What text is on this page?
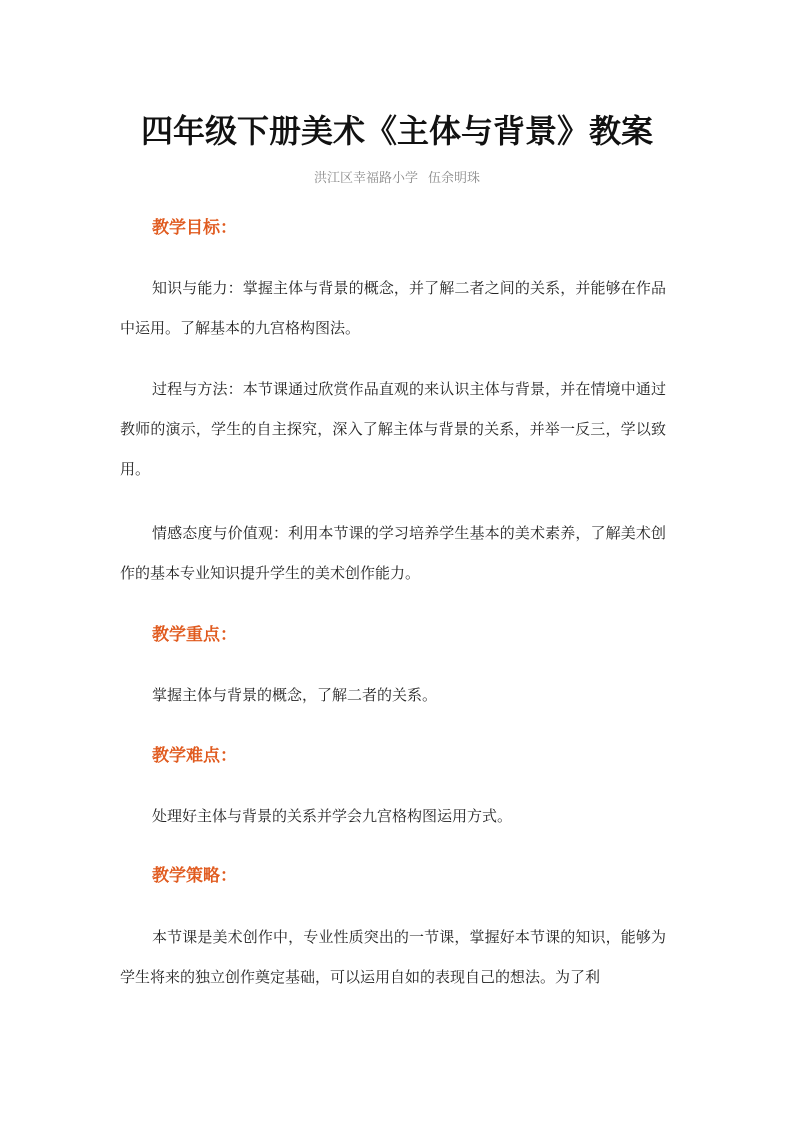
四年级下册美术《主体与背景》教案
洪江区幸福路小学 伍余明珠
教学目标：

知识与能力：掌握主体与背景的概念，并了解二者之间的关系，并能够在作品中运用。了解基本的九宫格构图法。

过程与方法：本节课通过欣赏作品直观的来认识主体与背景，并在情境中通过教师的演示，学生的自主探究，深入了解主体与背景的关系，并举一反三，学以致用。

情感态度与价值观：利用本节课的学习培养学生基本的美术素养，了解美术创作的基本专业知识提升学生的美术创作能力。

教学重点：

掌握主体与背景的概念，了解二者的关系。

教学难点：

处理好主体与背景的关系并学会九宫格构图运用方式。

教学策略：

本节课是美术创作中，专业性质突出的一节课，掌握好本节课的知识，能够为学生将来的独立创作奠定基础，可以运用自如的表现自己的想法。为了利
